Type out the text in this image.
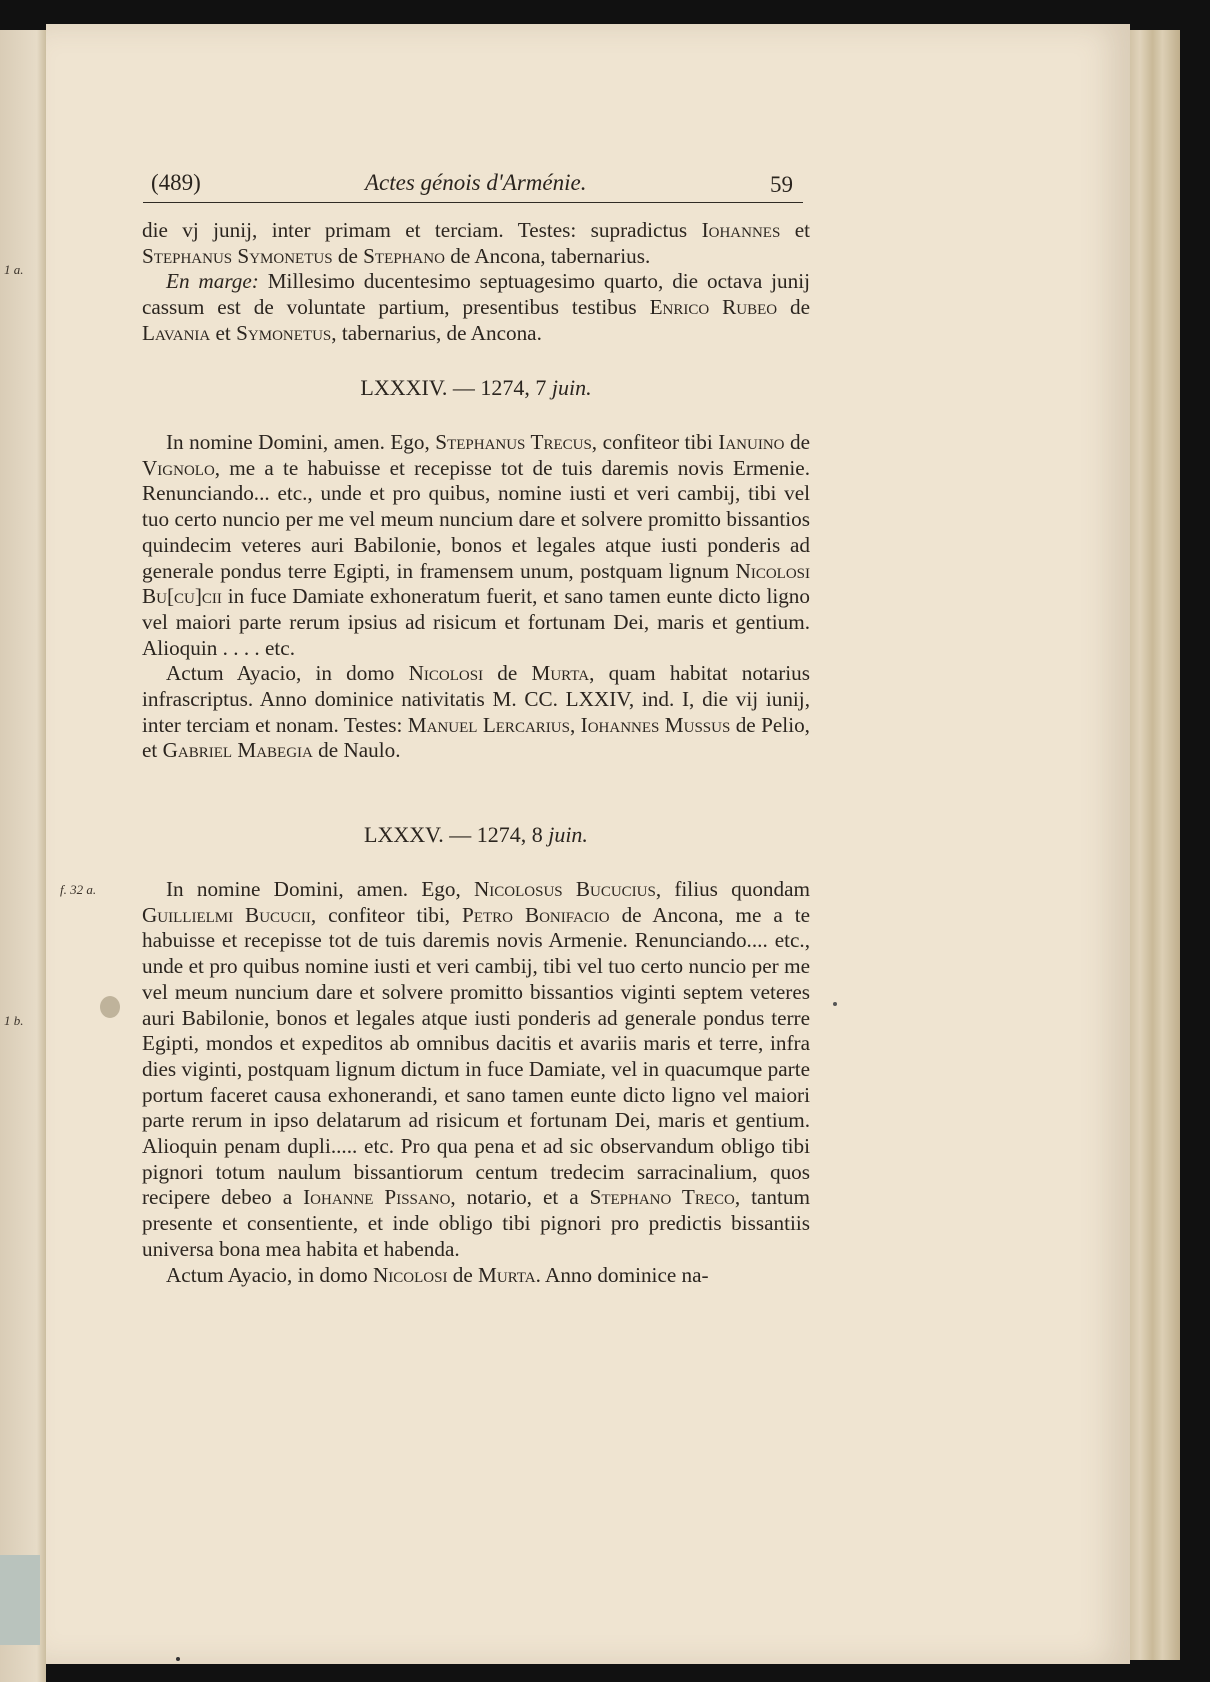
1 a.
f. 32 a.
1 b.
(489)	Actes génois d'Arménie.	59

die vj junij, inter primam et terciam. Testes: supradictus Iohannes et Stephanus Symonetus de Stephano de Ancona, tabernarius.

En marge: Millesimo ducentesimo septuagesimo quarto, die octava junij cassum est de voluntate partium, presentibus testibus Enrico Rubeo de Lavania et Symonetus, tabernarius, de Ancona.

LXXXIV. — 1274, 7 juin.

In nomine Domini, amen. Ego, Stephanus Trecus, confiteor tibi Ianuino de Vignolo, me a te habuisse et recepisse tot de tuis daremis novis Ermenie. Renunciando... etc., unde et pro quibus, nomine iusti et veri cambij, tibi vel tuo certo nuncio per me vel meum nuncium dare et solvere promitto bissantios quindecim veteres auri Babilonie, bonos et legales atque iusti ponderis ad generale pondus terre Egipti, in framensem unum, postquam lignum Nicolosi Bu[cu]cii in fuce Damiate exhoneratum fuerit, et sano tamen eunte dicto ligno vel maiori parte rerum ipsius ad risicum et fortunam Dei, maris et gentium. Alioquin . . . . etc.

Actum Ayacio, in domo Nicolosi de Murta, quam habitat notarius infrascriptus. Anno dominice nativitatis M. CC. LXXIV, ind. I, die vij iunij, inter terciam et nonam. Testes: Manuel Lercarius, Iohannes Mussus de Pelio, et Gabriel Mabegia de Naulo.

LXXXV. — 1274, 8 juin.

In nomine Domini, amen. Ego, Nicolosus Bucucius, filius quondam Guillielmi Bucucii, confiteor tibi, Petro Bonifacio de Ancona, me a te habuisse et recepisse tot de tuis daremis novis Armenie. Renunciando.... etc., unde et pro quibus nomine iusti et veri cambij, tibi vel tuo certo nuncio per me vel meum nuncium dare et solvere promitto bissantios viginti septem veteres auri Babilonie, bonos et legales atque iusti ponderis ad generale pondus terre Egipti, mondos et expeditos ab omnibus dacitis et avariis maris et terre, infra dies viginti, postquam lignum dictum in fuce Damiate, vel in quacumque parte portum faceret causa exhonerandi, et sano tamen eunte dicto ligno vel maiori parte rerum in ipso delatarum ad risicum et fortunam Dei, maris et gentium. Alioquin penam dupli..... etc. Pro qua pena et ad sic observandum obligo tibi pignori totum naulum bissantiorum centum tredecim sarracinalium, quos recipere debeo a Iohanne Pissano, notario, et a Stephano Treco, tantum presente et consentiente, et inde obligo tibi pignori pro predictis bissantiis universa bona mea habita et habenda.

Actum Ayacio, in domo Nicolosi de Murta. Anno dominice na-
